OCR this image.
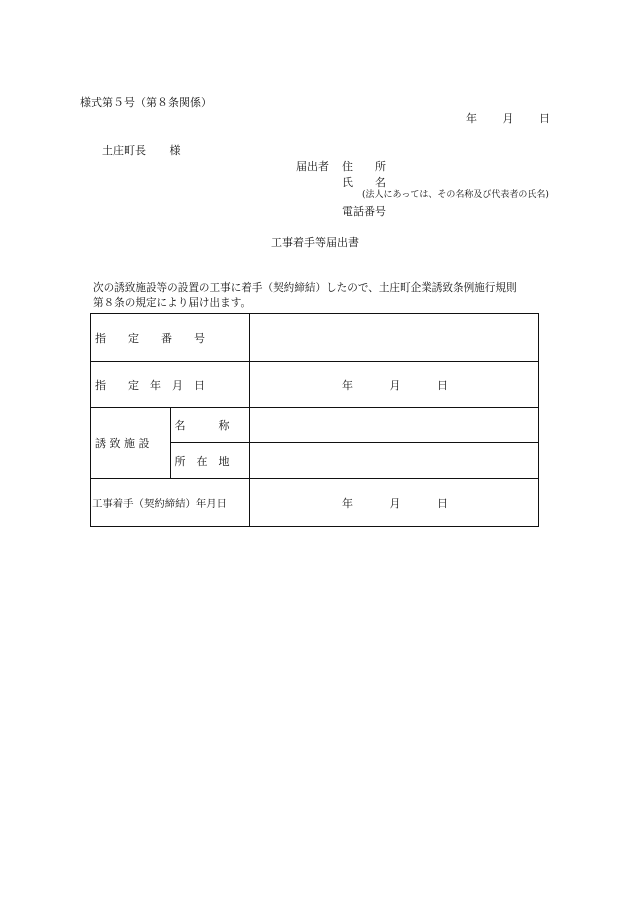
様式第５号（第８条関係）
年 月 日
土庄町長 様
届出者 住　　所
氏　　名
(法人にあっては、その名称及び代表者の氏名)
電話番号
工事着手等届出書
次の誘致施設等の設置の工事に着手（契約締結）したので、土庄町企業誘致条例施行規則
第８条の規定により届け出ます。
指　　定　　番　　号		
指　　定　年　月　日		年 月 日

誘 致 施 設	名　　　称	
	所　在　地	
工事着手（契約締結）年月日		年 月 日
